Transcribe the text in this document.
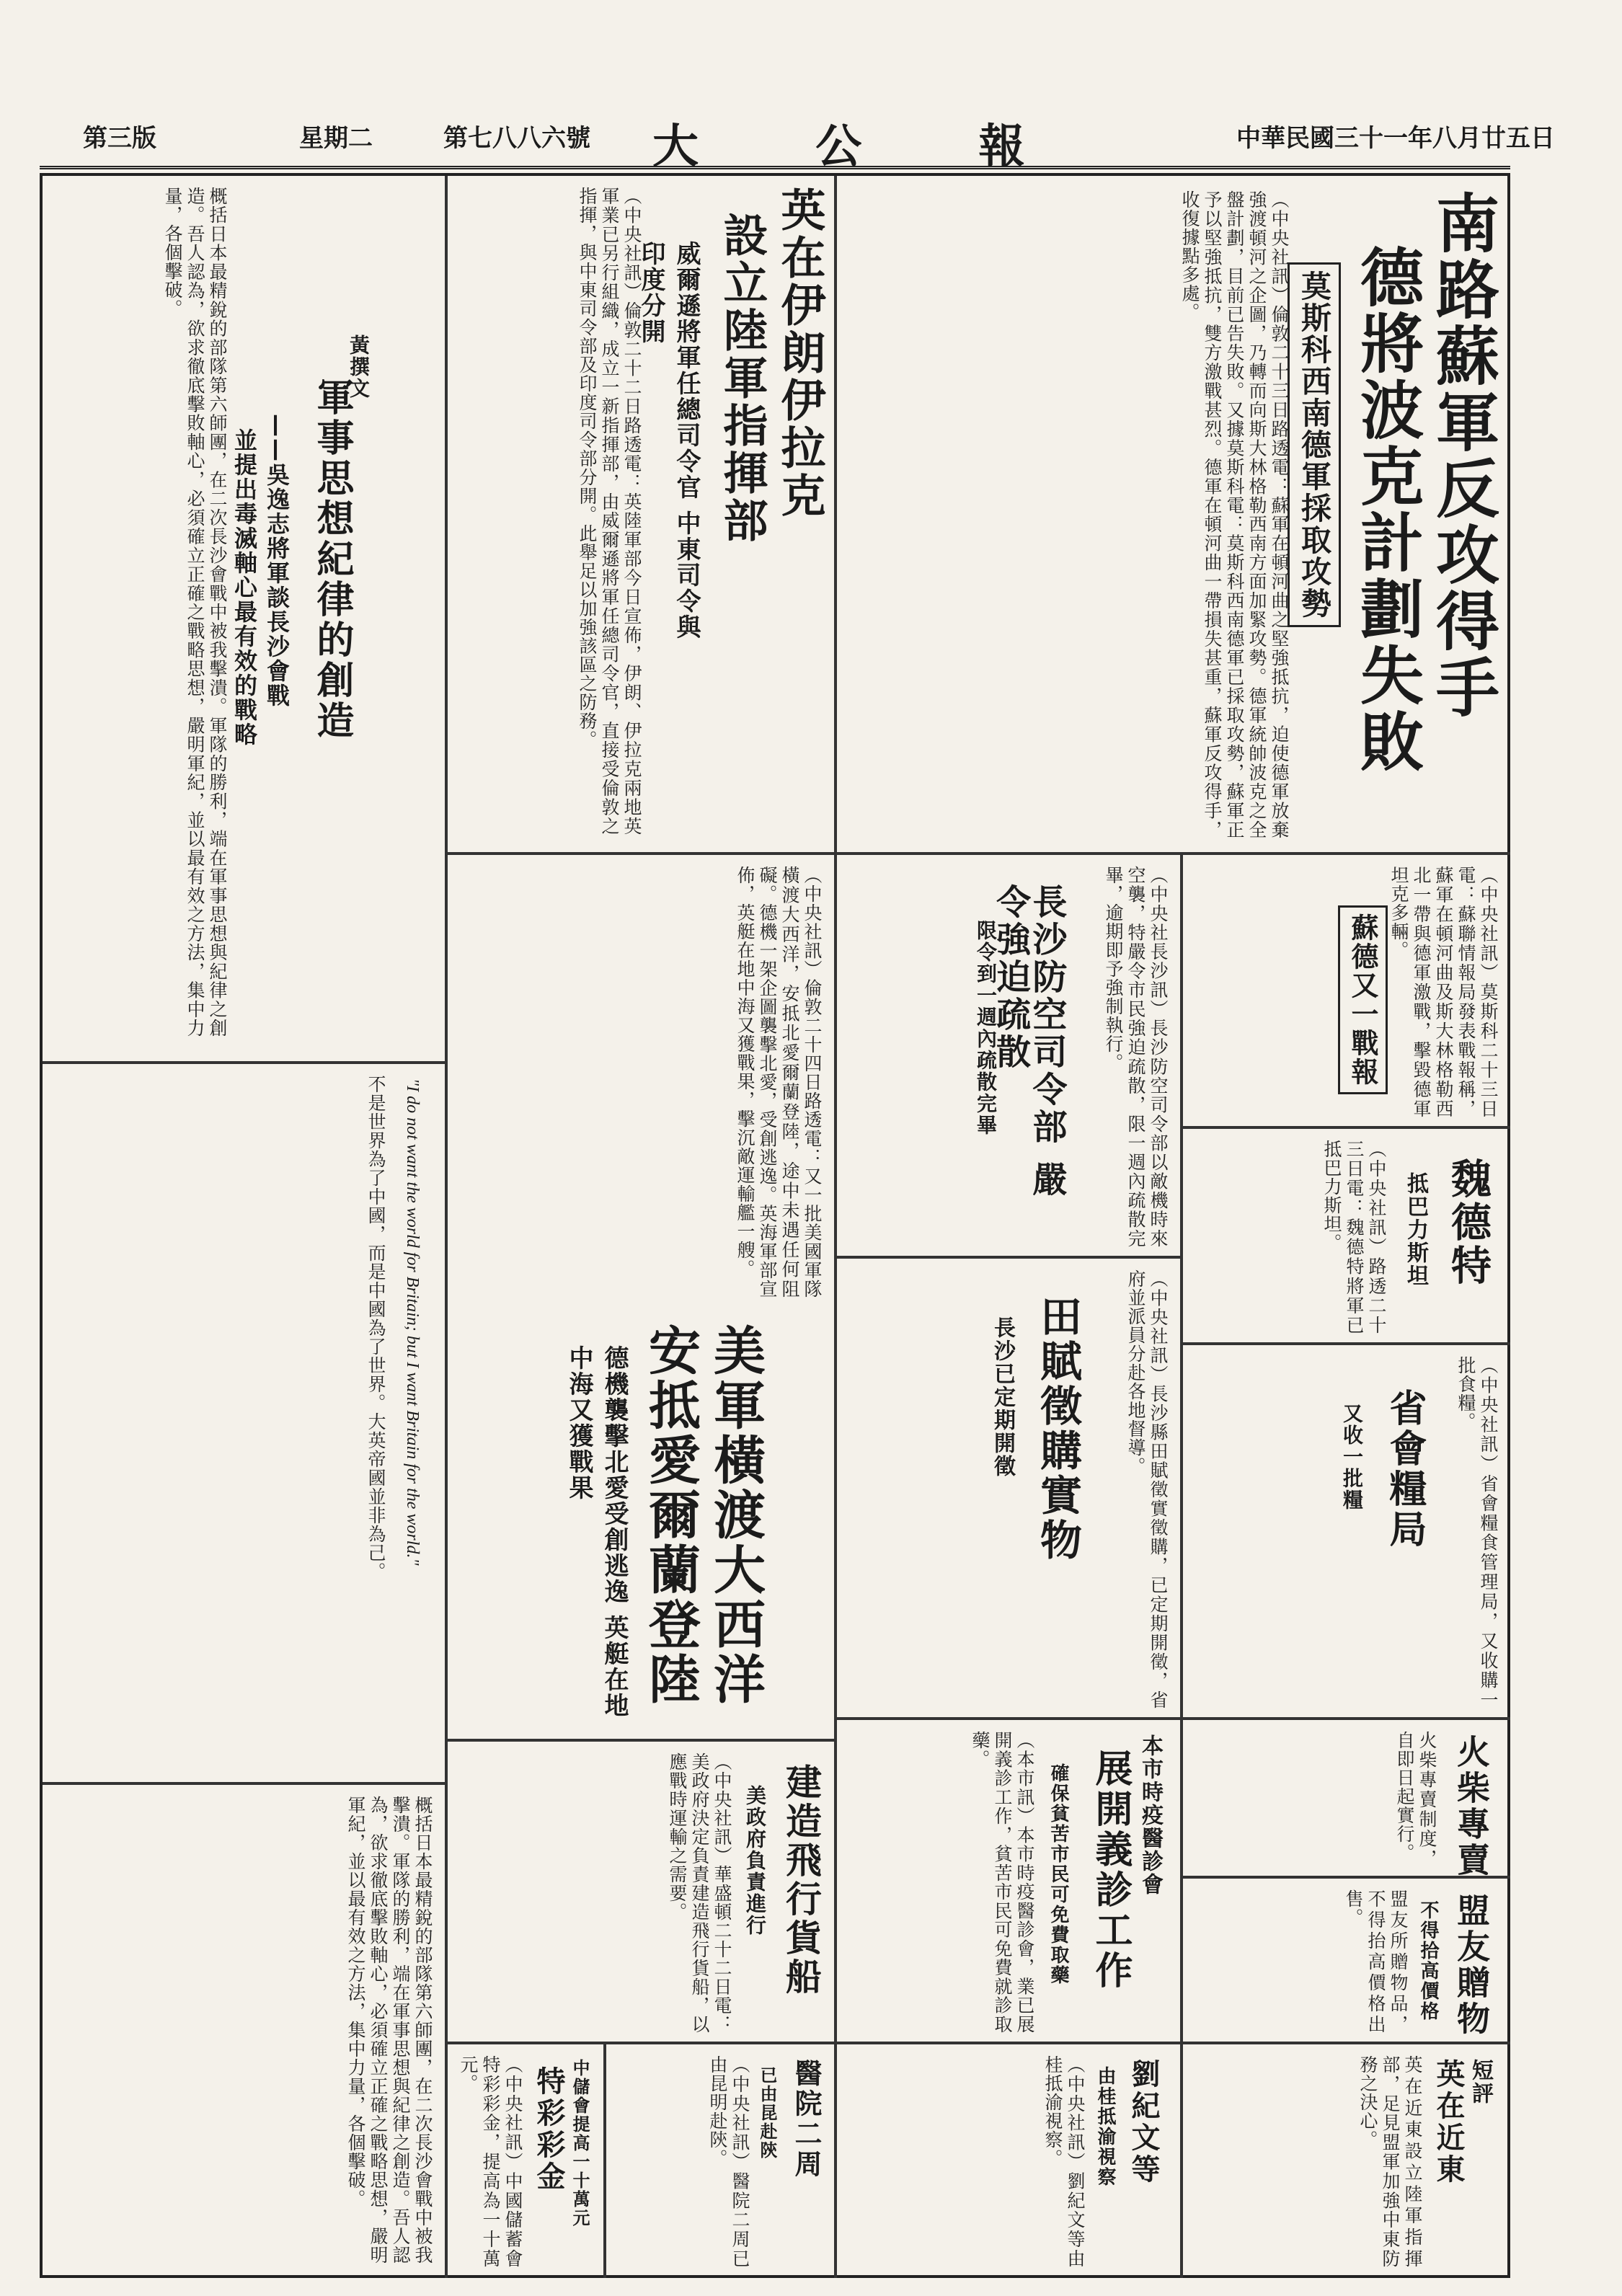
中華民國三十一年八月廿五日
大 公 報
第七八八六號
星期二
第三版
南路蘇軍反攻得手
德將波克計劃失敗
莫斯科西南德軍採取攻勢
（中央社訊）倫敦二十三日路透電：蘇軍在頓河曲之堅強抵抗，迫使德軍放棄強渡頓河之企圖，乃轉而向斯大林格勒西南方面加緊攻勢。德軍統帥波克之全盤計劃，目前已告失敗。又據莫斯科電：莫斯科西南德軍已採取攻勢，蘇軍正予以堅強抵抗，雙方激戰甚烈。德軍在頓河曲一帶損失甚重，蘇軍反攻得手，收復據點多處。
英在伊朗伊拉克
設立陸軍指揮部
威爾遜將軍任總司令官 中東司令與印度分開
（中央社訊）倫敦二十二日路透電：英陸軍部今日宣佈，伊朗、伊拉克兩地英軍業已另行組織，成立一新指揮部，由威爾遜將軍任總司令官，直接受倫敦之指揮，與中東司令部及印度司令部分開。此舉足以加強該區之防務。
軍事思想紀律的創造
黃撰文
——吳逸志將軍談長沙會戰
並提出毒滅軸心最有效的戰略
概括日本最精銳的部隊第六師團，在二次長沙會戰中被我擊潰。軍隊的勝利，端在軍事思想與紀律之創造。吾人認為，欲求徹底擊敗軸心，必須確立正確之戰略思想，嚴明軍紀，並以最有效之方法，集中力量，各個擊破。
蘇德又一戰報	（中央社訊）莫斯科二十三日電：蘇聯情報局發表戰報稱，蘇軍在頓河曲及斯大林格勒西北一帶與德軍激戰，擊毀德軍坦克多輛。
魏德特
抵巴力斯坦
（中央社訊）路透二十三日電：魏德特將軍已抵巴力斯坦。
長沙防空司令部 嚴令強迫疏散
限令到一週內疏散完畢	（中央社長沙訊）長沙防空司令部以敵機時來空襲，特嚴令市民強迫疏散，限一週內疏散完畢，逾期即予強制執行。
美軍橫渡大西洋
安抵愛爾蘭登陸
德機襲擊北愛受創逃逸 英艇在地中海又獲戰果
（中央社訊）倫敦二十四日路透電：又一批美國軍隊橫渡大西洋，安抵北愛爾蘭登陸，途中未遇任何阻礙。德機一架企圖襲擊北愛，受創逃逸。英海軍部宣佈，英艇在地中海又獲戰果，擊沉敵運輸艦一艘。
田賦徵購實物
長沙已定期開徵	（中央社訊）長沙縣田賦徵實徵購，已定期開徵，省府並派員分赴各地督導。	省會糧局
又收一批糧	（中央社訊）省會糧食管理局，又收購一批食糧。
"I do not want the world for Britain; but I want Britain for the world."
不是世界為了中國，而是中國為了世界。大英帝國並非為己。
建造飛行貨船
美政府負責進行
（中央社訊）華盛頓二十二日電：美政府決定負責建造飛行貨船，以應戰時運輸之需要。	本市時疫醫診會
展開義診工作
確保貧苦市民可免費取藥
（本市訊）本市時疫醫診會，業已展開義診工作，貧苦市民可免費就診取藥。	火柴專賣
火柴專賣制度，自即日起實行。
盟友贈物
不得拾高價格
盟友所贈物品，不得抬高價格出售。
短評
英在近東
英在近東設立陸軍指揮部，足見盟軍加強中東防務之決心。
劉紀文等
由桂抵渝視察
（中央社訊）劉紀文等由桂抵渝視察。
醫院二周
已由昆赴陝
（中央社訊）醫院二周已由昆明赴陝。
中儲會提高一十萬元
特彩彩金
（中央社訊）中國儲蓄會特彩彩金，提高為一十萬元。
概括日本最精銳的部隊第六師團，在二次長沙會戰中被我擊潰。軍隊的勝利，端在軍事思想與紀律之創造。吾人認為，欲求徹底擊敗軸心，必須確立正確之戰略思想，嚴明軍紀，並以最有效之方法，集中力量，各個擊破。
